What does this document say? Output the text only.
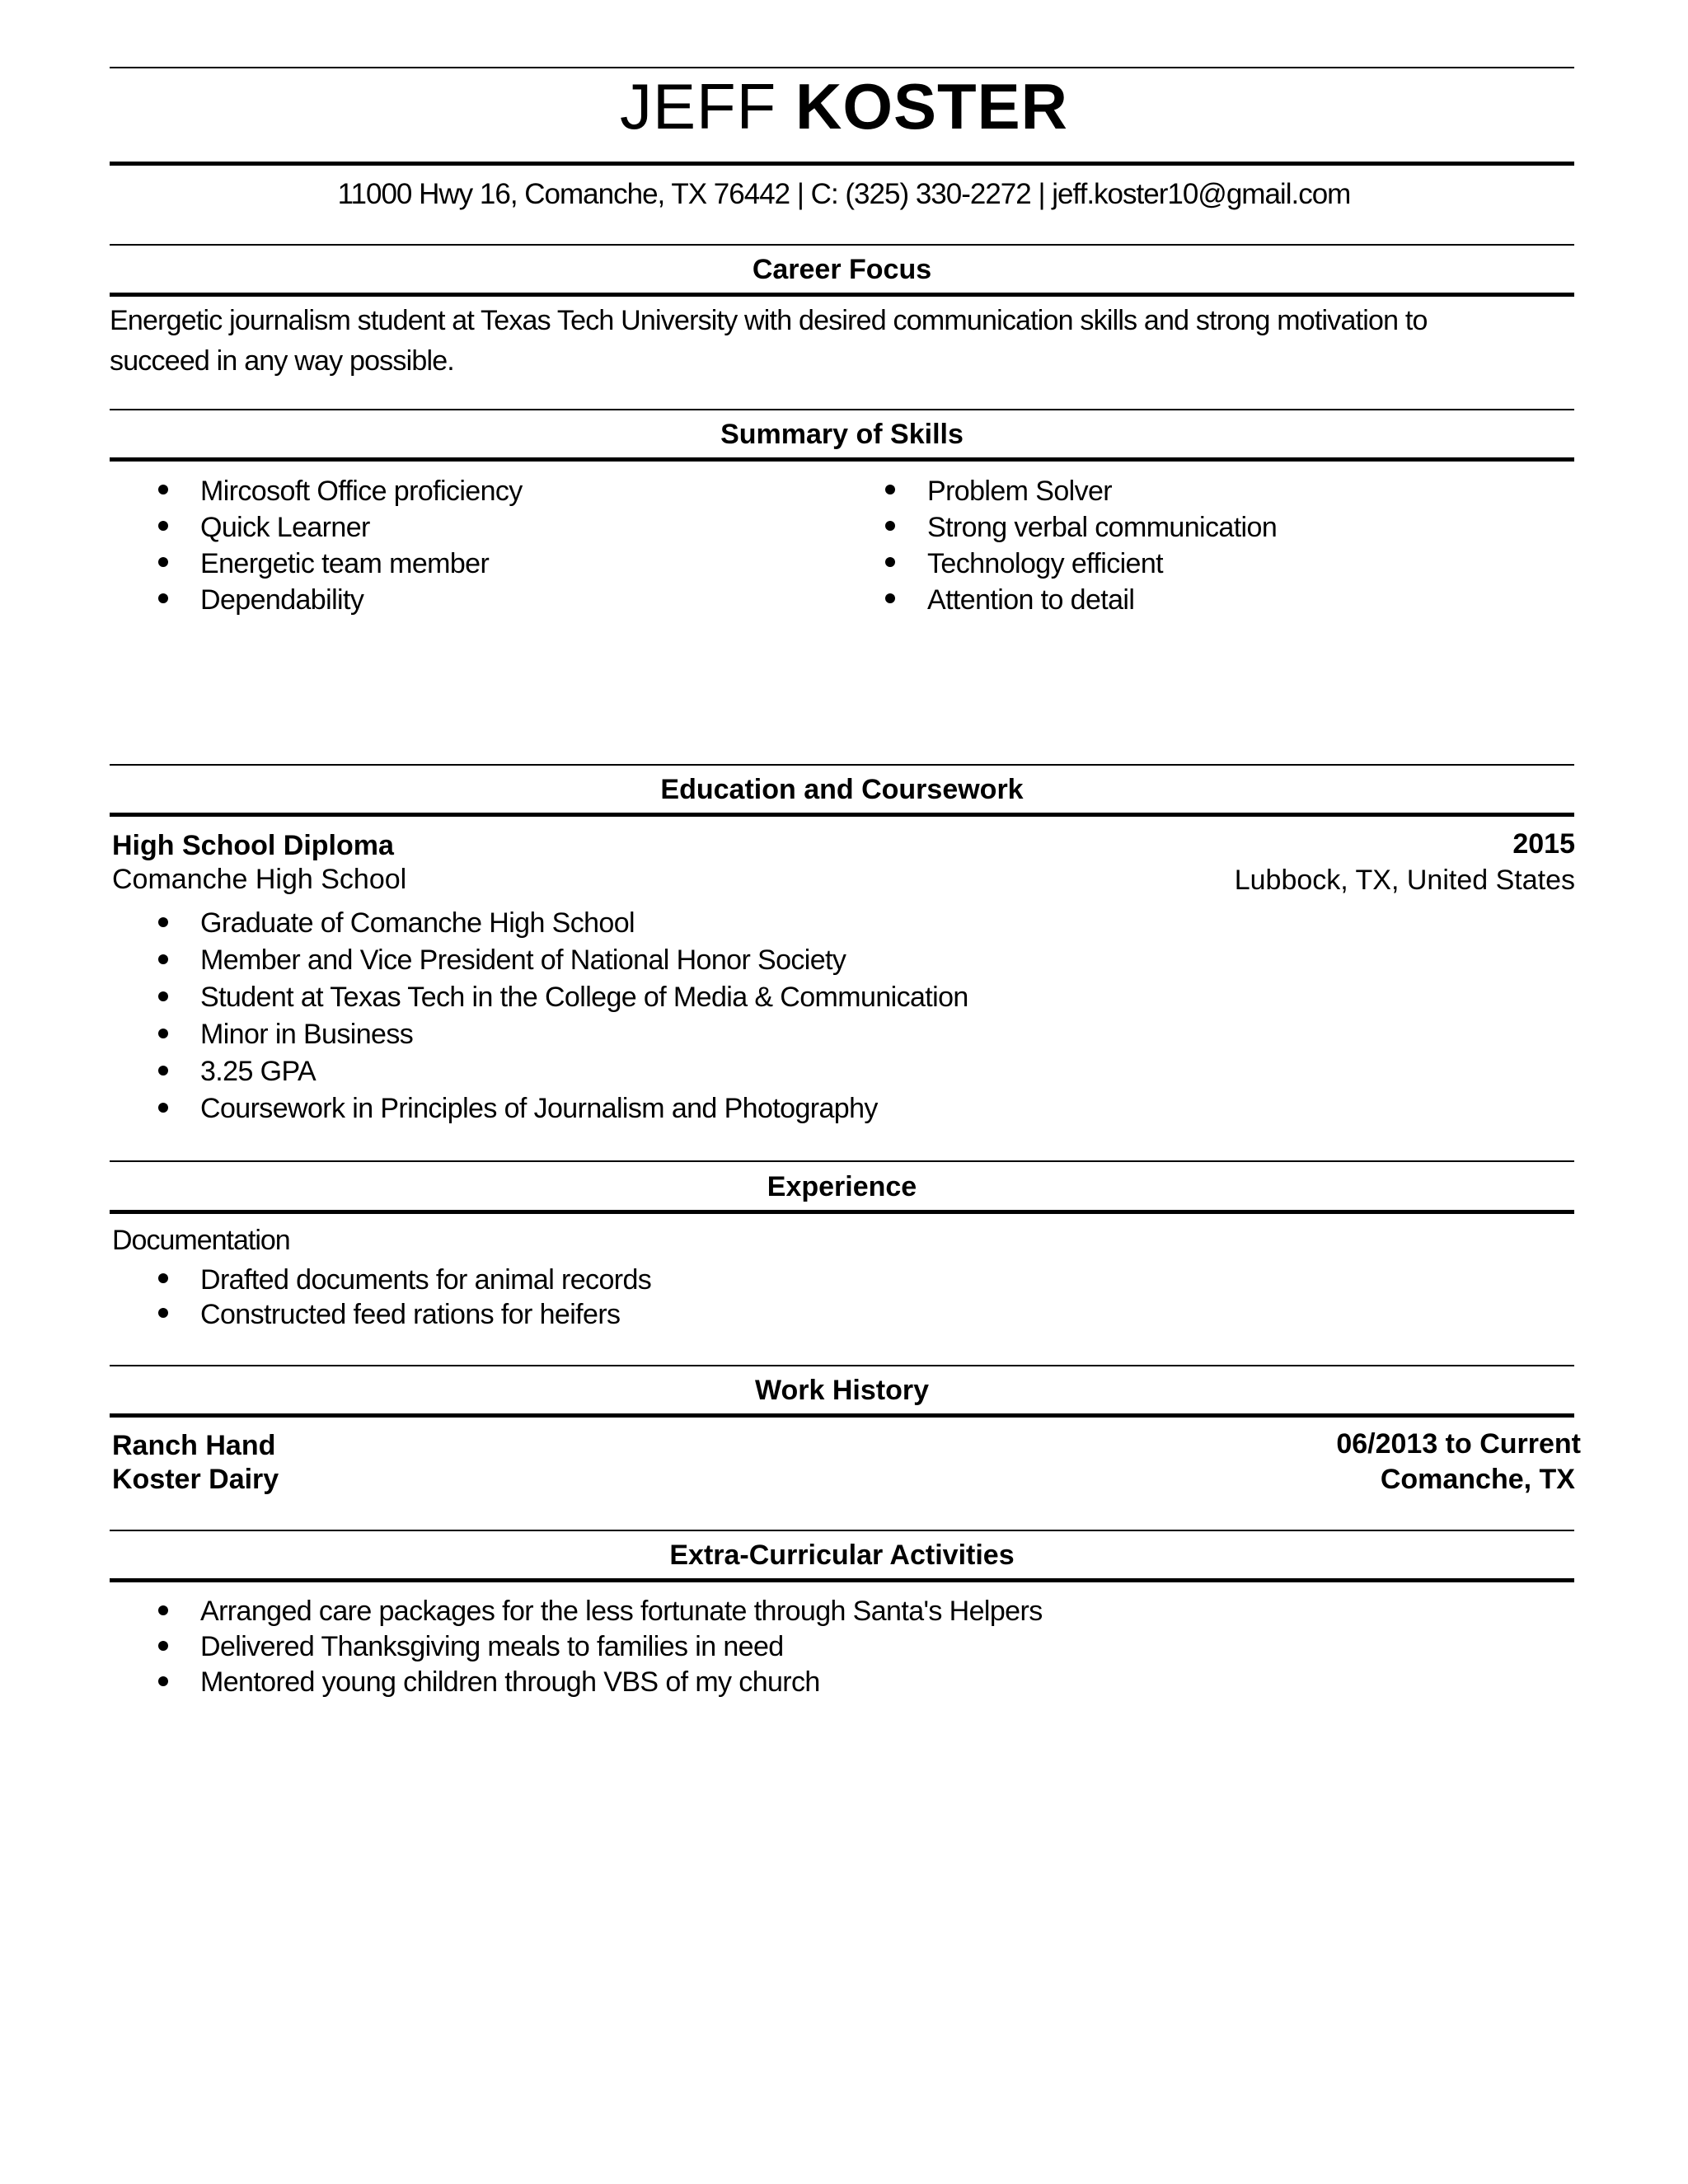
JEFF KOSTER
11000 Hwy 16, Comanche, TX 76442 | C: (325) 330-2272 | jeff.koster10@gmail.com
Career Focus
Energetic journalism student at Texas Tech University with desired communication skills and strong motivation to
succeed in any way possible.
Summary of Skills
Mircosoft Office proficiency
Quick Learner
Energetic team member
Dependability
Problem Solver
Strong verbal communication
Technology efficient
Attention to detail
Education and Coursework
High School Diploma
Comanche High School
2015
Lubbock, TX, United States
Graduate of Comanche High School
Member and Vice President of National Honor Society
Student at Texas Tech in the College of Media & Communication
Minor in Business
3.25 GPA
Coursework in Principles of Journalism and Photography
Experience
Documentation
Drafted documents for animal records
Constructed feed rations for heifers
Work History
Ranch Hand
Koster Dairy
06/2013 to Current
Comanche, TX
Extra-Curricular Activities
Arranged care packages for the less fortunate through Santa's Helpers
Delivered Thanksgiving meals to families in need
Mentored young children through VBS of my church
